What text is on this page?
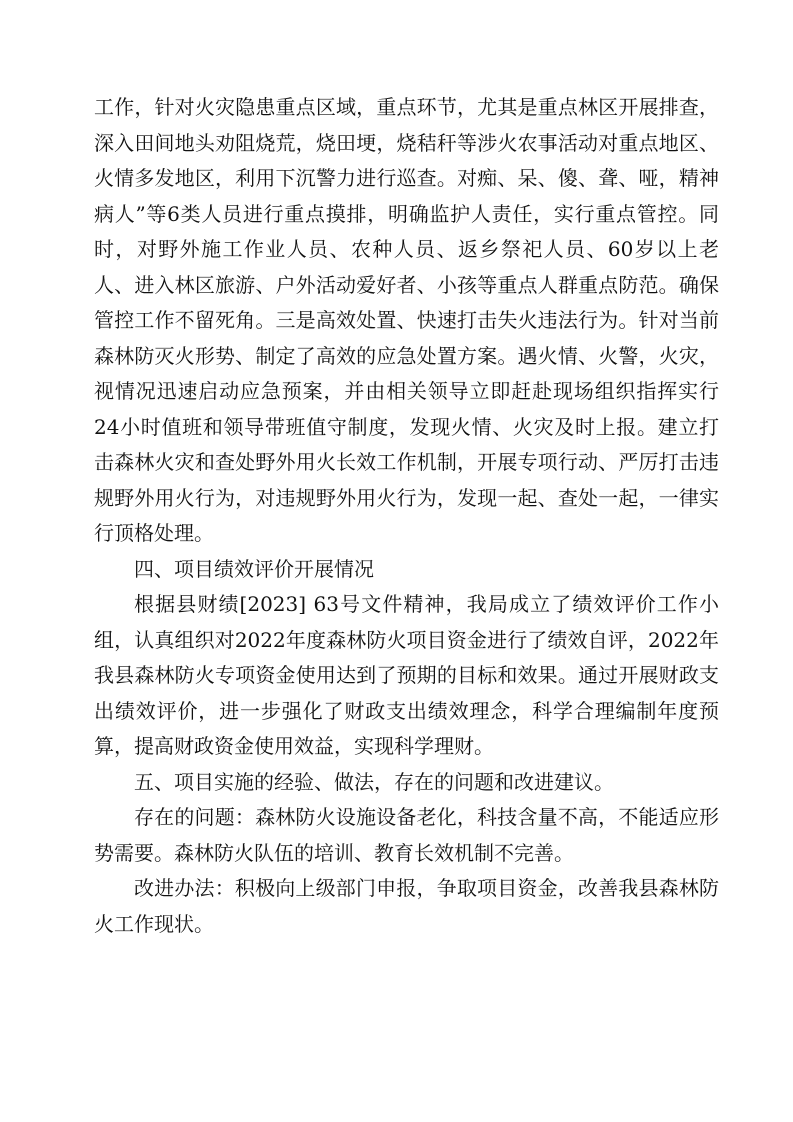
工作，针对火灾隐患重点区域，重点环节，尤其是重点林区开展排查，深入田间地头劝阻烧荒，烧田埂，烧秸秆等涉火农事活动对重点地区、火情多发地区，利用下沉警力进行巡查。对痴、呆、傻、聋、哑，精神病人”等6类人员进行重点摸排，明确监护人责任，实行重点管控。同时，对野外施工作业人员、农种人员、返乡祭祀人员、60岁以上老人、进入林区旅游、户外活动爱好者、小孩等重点人群重点防范。确保管控工作不留死角。三是高效处置、快速打击失火违法行为。针对当前森林防灭火形势、制定了高效的应急处置方案。遇火情、火警，火灾，视情况迅速启动应急预案，并由相关领导立即赶赴现场组织指挥实行24小时值班和领导带班值守制度，发现火情、火灾及时上报。建立打击森林火灾和查处野外用火长效工作机制，开展专项行动、严厉打击违规野外用火行为，对违规野外用火行为，发现一起、查处一起，一律实行顶格处理。

四、项目绩效评价开展情况

根据县财绩[2023] 63号文件精神，我局成立了绩效评价工作小组，认真组织对2022年度森林防火项目资金进行了绩效自评，2022年我县森林防火专项资金使用达到了预期的目标和效果。通过开展财政支出绩效评价，进一步强化了财政支出绩效理念，科学合理编制年度预算，提高财政资金使用效益，实现科学理财。

五、项目实施的经验、做法，存在的问题和改进建议。

存在的问题：森林防火设施设备老化，科技含量不高，不能适应形势需要。森林防火队伍的培训、教育长效机制不完善。

改进办法：积极向上级部门申报，争取项目资金，改善我县森林防火工作现状。
